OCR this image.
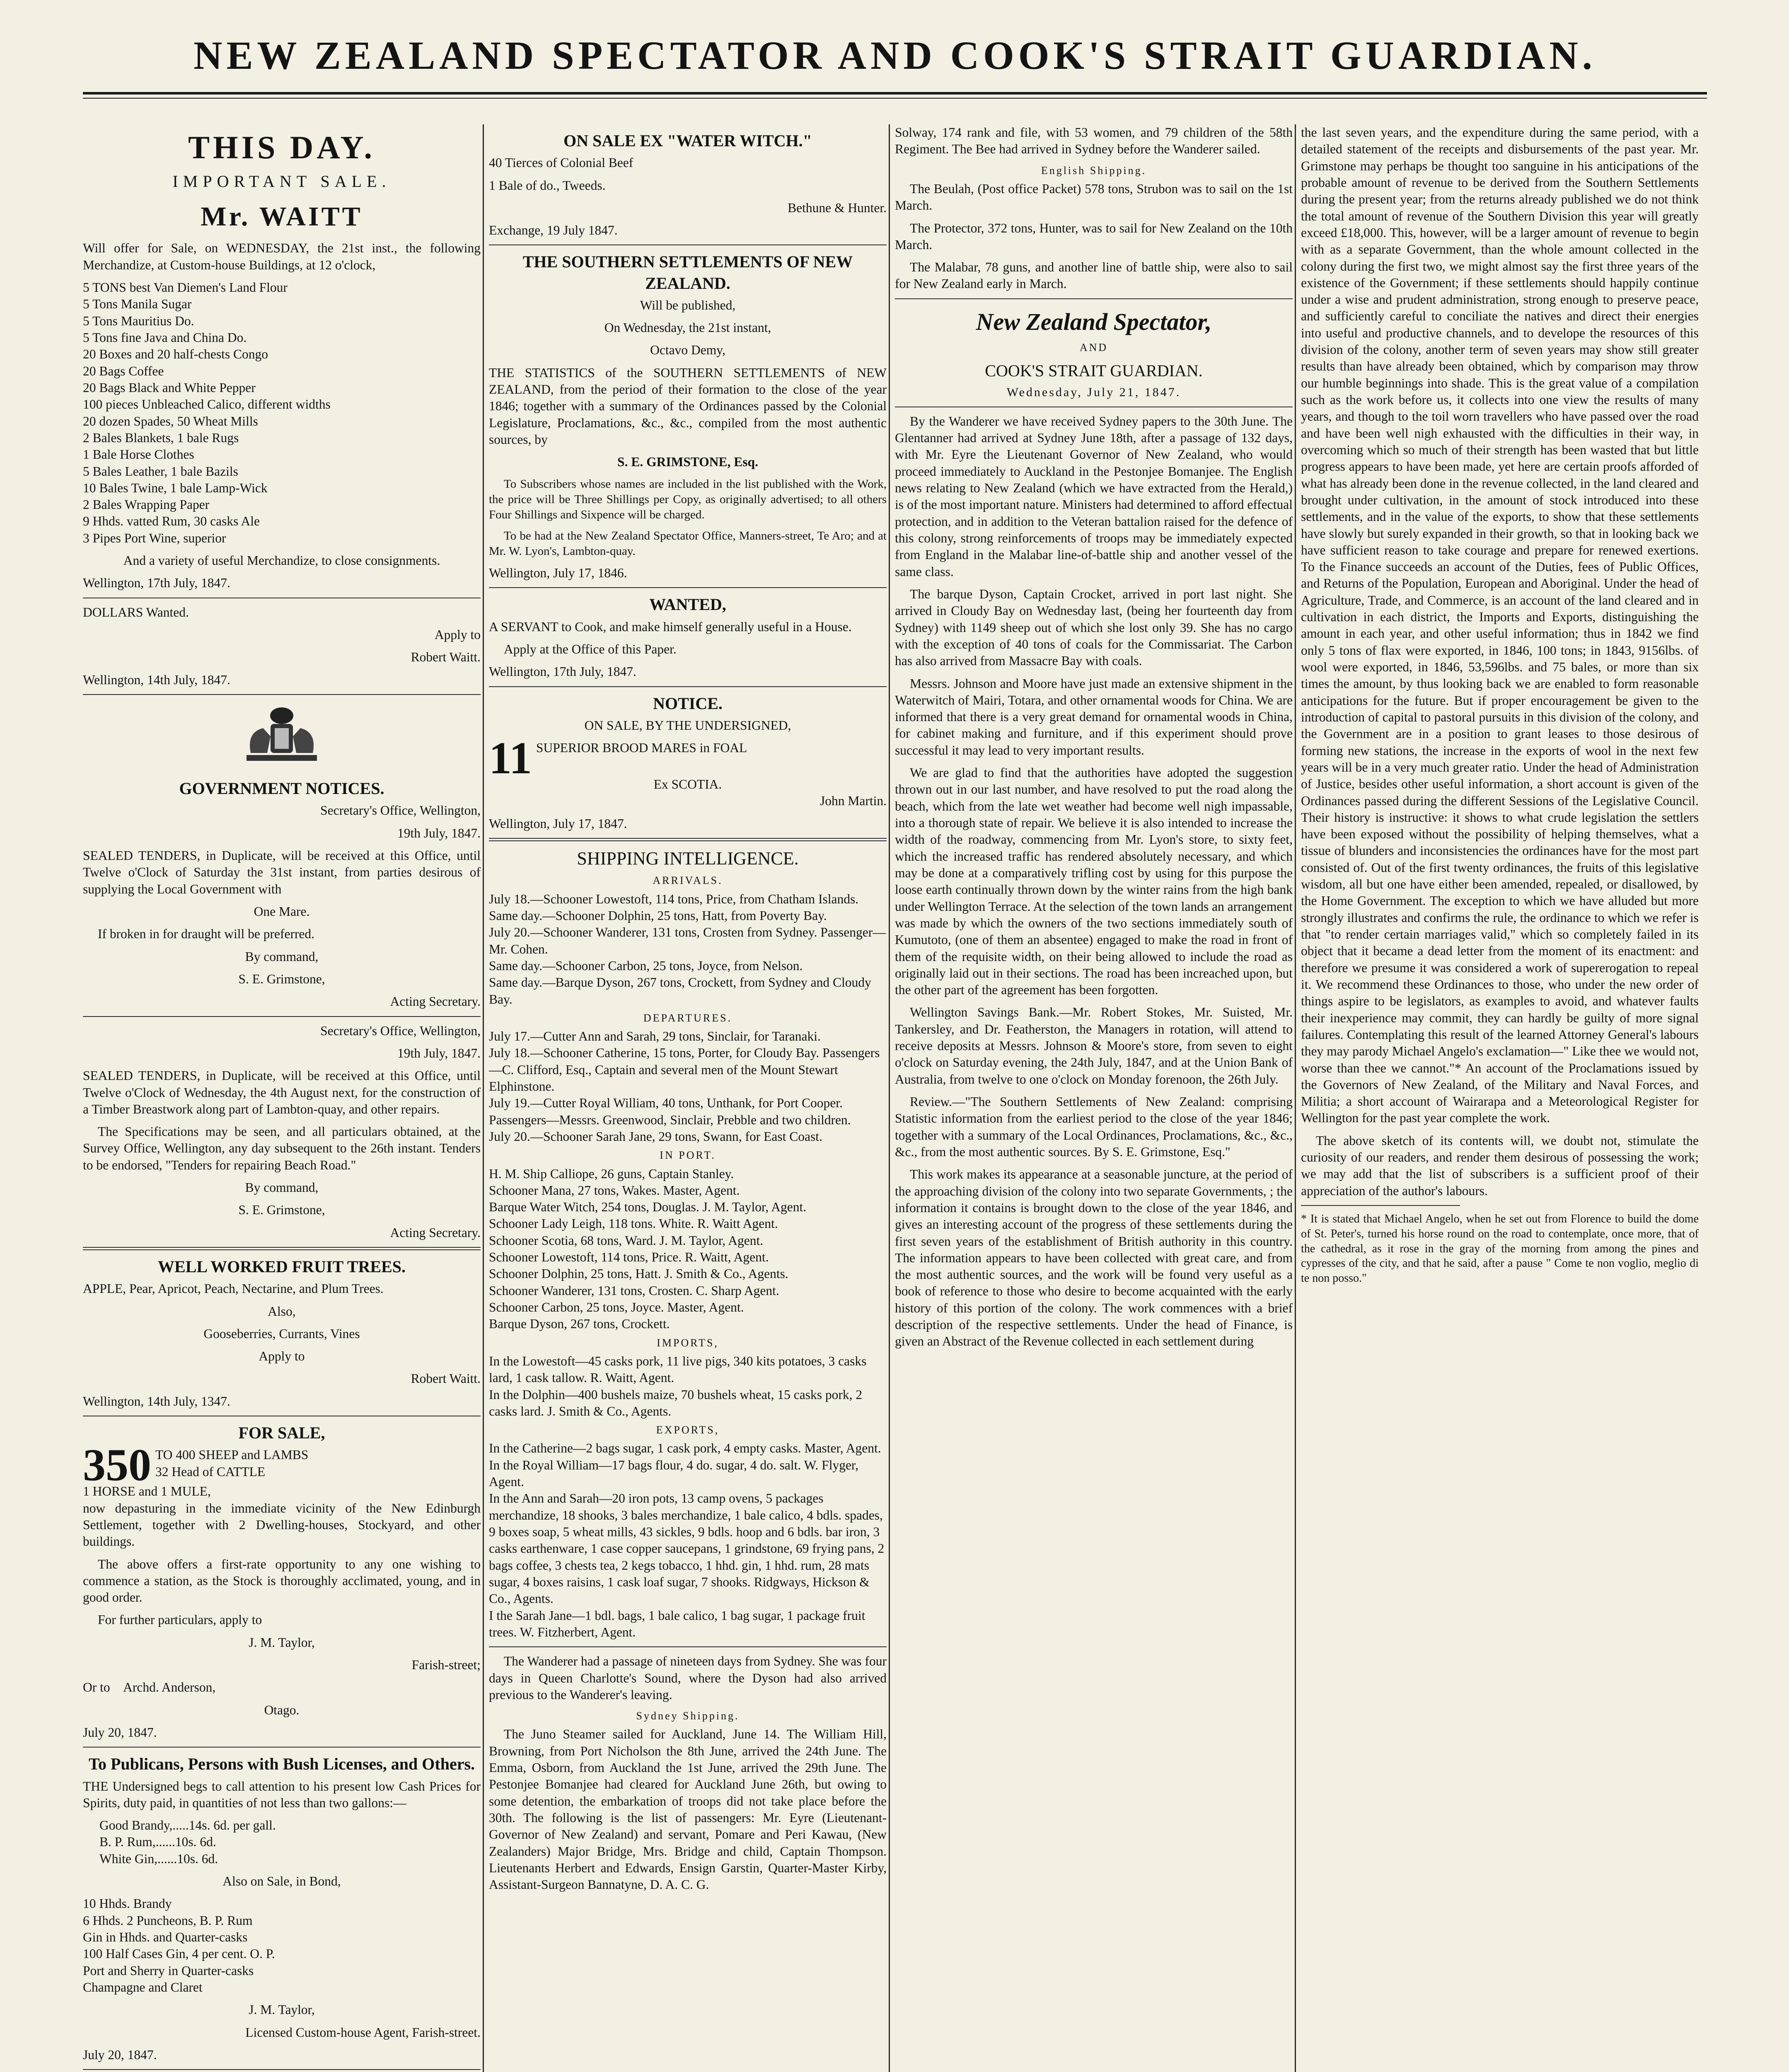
NEW ZEALAND SPECTATOR AND COOK'S STRAIT GUARDIAN.
THIS DAY.
IMPORTANT SALE.
Mr. WAITT

Will offer for Sale, on WEDNESDAY, the 21st inst., the following Merchandize, at Custom-house Buildings, at 12 o'clock,

5 TONS best Van Diemen's Land Flour
5 Tons Manila Sugar
5 Tons Mauritius Do.
5 Tons fine Java and China Do.
20 Boxes and 20 half-chests Congo
20 Bags Coffee
20 Bags Black and White Pepper
100 pieces Unbleached Calico, different widths
20 dozen Spades, 50 Wheat Mills
2 Bales Blankets, 1 bale Rugs
1 Bale Horse Clothes
5 Bales Leather, 1 bale Bazils
10 Bales Twine, 1 bale Lamp-Wick
2 Bales Wrapping Paper
9 Hhds. vatted Rum, 30 casks Ale
3 Pipes Port Wine, superior

And a variety of useful Merchandize, to close consignments.

Wellington, 17th July, 1847.

DOLLARS Wanted.

Apply to

Robert Waitt.

Wellington, 14th July, 1847.

GOVERNMENT NOTICES.

Secretary's Office, Wellington,

19th July, 1847.

SEALED TENDERS, in Duplicate, will be received at this Office, until Twelve o'Clock of Saturday the 31st instant, from parties desirous of supplying the Local Government with

One Mare.

If broken in for draught will be preferred.

By command,

S. E. Grimstone,

Acting Secretary.

Secretary's Office, Wellington,

19th July, 1847.

SEALED TENDERS, in Duplicate, will be received at this Office, until Twelve o'Clock of Wednesday, the 4th August next, for the construction of a Timber Breastwork along part of Lambton-quay, and other repairs.

The Specifications may be seen, and all particulars obtained, at the Survey Office, Wellington, any day subsequent to the 26th instant. Tenders to be endorsed, "Tenders for repairing Beach Road."

By command,

S. E. Grimstone,

Acting Secretary.

WELL WORKED FRUIT TREES.

APPLE, Pear, Apricot, Peach, Nectarine, and Plum Trees.

Also,

Gooseberries, Currants, Vines

Apply to

Robert Waitt.

Wellington, 14th July, 1347.

FOR SALE,
350 TO 400 SHEEP and LAMBS
32 Head of CATTLE
1 HORSE and 1 MULE,

now depasturing in the immediate vicinity of the New Edinburgh Settlement, together with 2 Dwelling-houses, Stockyard, and other buildings.

The above offers a first-rate opportunity to any one wishing to commence a station, as the Stock is thoroughly acclimated, young, and in good order.

For further particulars, apply to

J. M. Taylor,

Farish-street;

Or to Archd. Anderson,

Otago.

July 20, 1847.

To Publicans, Persons with Bush Licenses, and Others.

THE Undersigned begs to call attention to his present low Cash Prices for Spirits, duty paid, in quantities of not less than two gallons:—

Good Brandy,.....14s. 6d. per gall.
B. P. Rum,......10s. 6d.
White Gin,......10s. 6d.

Also on Sale, in Bond,

10 Hhds. Brandy
6 Hhds. 2 Puncheons, B. P. Rum
Gin in Hhds. and Quarter-casks
100 Half Cases Gin, 4 per cent. O. P.
Port and Sherry in Quarter-casks
Champagne and Claret

J. M. Taylor,

Licensed Custom-house Agent, Farish-street.

July 20, 1847.

ON SALE EX "WATER WITCH."

40 Tierces of Colonial Beef

1 Bale of do., Tweeds.

Bethune & Hunter.

Exchange, 19 July 1847.

THE SOUTHERN SETTLEMENTS OF NEW ZEALAND.

Will be published,

On Wednesday, the 21st instant,

Octavo Demy,

THE STATISTICS of the SOUTHERN SETTLEMENTS of NEW ZEALAND, from the period of their formation to the close of the year 1846; together with a summary of the Ordinances passed by the Colonial Legislature, Proclamations, &c., &c., compiled from the most authentic sources, by

S. E. GRIMSTONE, Esq.

To Subscribers whose names are included in the list published with the Work, the price will be Three Shillings per Copy, as originally advertised; to all others Four Shillings and Sixpence will be charged.

To be had at the New Zealand Spectator Office, Manners-street, Te Aro; and at Mr. W. Lyon's, Lambton-quay.

Wellington, July 17, 1846.

WANTED,

A SERVANT to Cook, and make himself generally useful in a House.

Apply at the Office of this Paper.

Wellington, 17th July, 1847.

NOTICE.

ON SALE, BY THE UNDERSIGNED,

11 SUPERIOR BROOD MARES in FOAL
Ex SCOTIA.

John Martin.

Wellington, July 17, 1847.

SHIPPING INTELLIGENCE.
ARRIVALS.
July 18.—Schooner Lowestoft, 114 tons, Price, from Chatham Islands.
Same day.—Schooner Dolphin, 25 tons, Hatt, from Poverty Bay.
July 20.—Schooner Wanderer, 131 tons, Crosten from Sydney. Passenger—Mr. Cohen.
Same day.—Schooner Carbon, 25 tons, Joyce, from Nelson.
Same day.—Barque Dyson, 267 tons, Crockett, from Sydney and Cloudy Bay.
DEPARTURES.
July 17.—Cutter Ann and Sarah, 29 tons, Sinclair, for Taranaki.
July 18.—Schooner Catherine, 15 tons, Porter, for Cloudy Bay. Passengers—C. Clifford, Esq., Captain and several men of the Mount Stewart Elphinstone.
July 19.—Cutter Royal William, 40 tons, Unthank, for Port Cooper. Passengers—Messrs. Greenwood, Sinclair, Prebble and two children.
July 20.—Schooner Sarah Jane, 29 tons, Swann, for East Coast.
IN PORT.
H. M. Ship Calliope, 26 guns, Captain Stanley.
Schooner Mana, 27 tons, Wakes. Master, Agent.
Barque Water Witch, 254 tons, Douglas. J. M. Taylor, Agent.
Schooner Lady Leigh, 118 tons. White. R. Waitt Agent.
Schooner Scotia, 68 tons, Ward. J. M. Taylor, Agent.
Schooner Lowestoft, 114 tons, Price. R. Waitt, Agent.
Schooner Dolphin, 25 tons, Hatt. J. Smith & Co., Agents.
Schooner Wanderer, 131 tons, Crosten. C. Sharp Agent.
Schooner Carbon, 25 tons, Joyce. Master, Agent.
Barque Dyson, 267 tons, Crockett.
IMPORTS,
In the Lowestoft—45 casks pork, 11 live pigs, 340 kits potatoes, 3 casks lard, 1 cask tallow. R. Waitt, Agent.
In the Dolphin—400 bushels maize, 70 bushels wheat, 15 casks pork, 2 casks lard. J. Smith & Co., Agents.
EXPORTS,
In the Catherine—2 bags sugar, 1 cask pork, 4 empty casks. Master, Agent.
In the Royal William—17 bags flour, 4 do. sugar, 4 do. salt. W. Flyger, Agent.
In the Ann and Sarah—20 iron pots, 13 camp ovens, 5 packages merchandize, 18 shooks, 3 bales merchandize, 1 bale calico, 4 bdls. spades, 9 boxes soap, 5 wheat mills, 43 sickles, 9 bdls. hoop and 6 bdls. bar iron, 3 casks earthenware, 1 case copper saucepans, 1 grindstone, 69 frying pans, 2 bags coffee, 3 chests tea, 2 kegs tobacco, 1 hhd. gin, 1 hhd. rum, 28 mats sugar, 4 boxes raisins, 1 cask loaf sugar, 7 shooks. Ridgways, Hickson & Co., Agents.
I the Sarah Jane—1 bdl. bags, 1 bale calico, 1 bag sugar, 1 package fruit trees. W. Fitzherbert, Agent.

The Wanderer had a passage of nineteen days from Sydney. She was four days in Queen Charlotte's Sound, where the Dyson had also arrived previous to the Wanderer's leaving.

Sydney Shipping.

The Juno Steamer sailed for Auckland, June 14. The William Hill, Browning, from Port Nicholson the 8th June, arrived the 24th June. The Emma, Osborn, from Auckland the 1st June, arrived the 29th June. The Pestonjee Bomanjee had cleared for Auckland June 26th, but owing to some detention, the embarkation of troops did not take place before the 30th. The following is the list of passengers: Mr. Eyre (Lieutenant-Governor of New Zealand) and servant, Pomare and Peri Kawau, (New Zealanders) Major Bridge, Mrs. Bridge and child, Captain Thompson. Lieutenants Herbert and Edwards, Ensign Garstin, Quarter-Master Kirby, Assistant-Surgeon Bannatyne, D. A. C. G.

Solway, 174 rank and file, with 53 women, and 79 children of the 58th Regiment. The Bee had arrived in Sydney before the Wanderer sailed.

English Shipping.

The Beulah, (Post office Packet) 578 tons, Strubon was to sail on the 1st March.

The Protector, 372 tons, Hunter, was to sail for New Zealand on the 10th March.

The Malabar, 78 guns, and another line of battle ship, were also to sail for New Zealand early in March.

New Zealand Spectator,
AND
COOK'S STRAIT GUARDIAN.
Wednesday, July 21, 1847.

By the Wanderer we have received Sydney papers to the 30th June. The Glentanner had arrived at Sydney June 18th, after a passage of 132 days, with Mr. Eyre the Lieutenant Governor of New Zealand, who would proceed immediately to Auckland in the Pestonjee Bomanjee. The English news relating to New Zealand (which we have extracted from the Herald,) is of the most important nature. Ministers had determined to afford effectual protection, and in addition to the Veteran battalion raised for the defence of this colony, strong reinforcements of troops may be immediately expected from England in the Malabar line-of-battle ship and another vessel of the same class.

The barque Dyson, Captain Crocket, arrived in port last night. She arrived in Cloudy Bay on Wednesday last, (being her fourteenth day from Sydney) with 1149 sheep out of which she lost only 39. She has no cargo with the exception of 40 tons of coals for the Commissariat. The Carbon has also arrived from Massacre Bay with coals.

Messrs. Johnson and Moore have just made an extensive shipment in the Waterwitch of Mairi, Totara, and other ornamental woods for China. We are informed that there is a very great demand for ornamental woods in China, for cabinet making and furniture, and if this experiment should prove successful it may lead to very important results.

We are glad to find that the authorities have adopted the suggestion thrown out in our last number, and have resolved to put the road along the beach, which from the late wet weather had become well nigh impassable, into a thorough state of repair. We believe it is also intended to increase the width of the roadway, commencing from Mr. Lyon's store, to sixty feet, which the increased traffic has rendered absolutely necessary, and which may be done at a comparatively trifling cost by using for this purpose the loose earth continually thrown down by the winter rains from the high bank under Wellington Terrace. At the selection of the town lands an arrangement was made by which the owners of the two sections immediately south of Kumutoto, (one of them an absentee) engaged to make the road in front of them of the requisite width, on their being allowed to include the road as originally laid out in their sections. The road has been increached upon, but the other part of the agreement has been forgotten.

Wellington Savings Bank.—Mr. Robert Stokes, Mr. Suisted, Mr. Tankersley, and Dr. Featherston, the Managers in rotation, will attend to receive deposits at Messrs. Johnson & Moore's store, from seven to eight o'clock on Saturday evening, the 24th July, 1847, and at the Union Bank of Australia, from twelve to one o'clock on Monday forenoon, the 26th July.

Review.—"The Southern Settlements of New Zealand: comprising Statistic information from the earliest period to the close of the year 1846; together with a summary of the Local Ordinances, Proclamations, &c., &c., &c., from the most authentic sources. By S. E. Grimstone, Esq."

This work makes its appearance at a seasonable juncture, at the period of the approaching division of the colony into two separate Governments, ; the information it contains is brought down to the close of the year 1846, and gives an interesting account of the progress of these settlements during the first seven years of the establishment of British authority in this country. The information appears to have been collected with great care, and from the most authentic sources, and the work will be found very useful as a book of reference to those who desire to become acquainted with the early history of this portion of the colony. The work commences with a brief description of the respective settlements. Under the head of Finance, is given an Abstract of the Revenue collected in each settlement during

the last seven years, and the expenditure during the same period, with a detailed statement of the receipts and disbursements of the past year. Mr. Grimstone may perhaps be thought too sanguine in his anticipations of the probable amount of revenue to be derived from the Southern Settlements during the present year; from the returns already published we do not think the total amount of revenue of the Southern Division this year will greatly exceed £18,000. This, however, will be a larger amount of revenue to begin with as a separate Government, than the whole amount collected in the colony during the first two, we might almost say the first three years of the existence of the Government; if these settlements should happily continue under a wise and prudent administration, strong enough to preserve peace, and sufficiently careful to conciliate the natives and direct their energies into useful and productive channels, and to develope the resources of this division of the colony, another term of seven years may show still greater results than have already been obtained, which by comparison may throw our humble beginnings into shade. This is the great value of a compilation such as the work before us, it collects into one view the results of many years, and though to the toil worn travellers who have passed over the road and have been well nigh exhausted with the difficulties in their way, in overcoming which so much of their strength has been wasted that but little progress appears to have been made, yet here are certain proofs afforded of what has already been done in the revenue collected, in the land cleared and brought under cultivation, in the amount of stock introduced into these settlements, and in the value of the exports, to show that these settlements have slowly but surely expanded in their growth, so that in looking back we have sufficient reason to take courage and prepare for renewed exertions. To the Finance succeeds an account of the Duties, fees of Public Offices, and Returns of the Population, European and Aboriginal. Under the head of Agriculture, Trade, and Commerce, is an account of the land cleared and in cultivation in each district, the Imports and Exports, distinguishing the amount in each year, and other useful information; thus in 1842 we find only 5 tons of flax were exported, in 1846, 100 tons; in 1843, 9156lbs. of wool were exported, in 1846, 53,596lbs. and 75 bales, or more than six times the amount, by thus looking back we are enabled to form reasonable anticipations for the future. But if proper encouragement be given to the introduction of capital to pastoral pursuits in this division of the colony, and the Government are in a position to grant leases to those desirous of forming new stations, the increase in the exports of wool in the next few years will be in a very much greater ratio. Under the head of Administration of Justice, besides other useful information, a short account is given of the Ordinances passed during the different Sessions of the Legislative Council. Their history is instructive: it shows to what crude legislation the settlers have been exposed without the possibility of helping themselves, what a tissue of blunders and inconsistencies the ordinances have for the most part consisted of. Out of the first twenty ordinances, the fruits of this legislative wisdom, all but one have either been amended, repealed, or disallowed, by the Home Government. The exception to which we have alluded but more strongly illustrates and confirms the rule, the ordinance to which we refer is that "to render certain marriages valid," which so completely failed in its object that it became a dead letter from the moment of its enactment: and therefore we presume it was considered a work of supererogation to repeal it. We recommend these Ordinances to those, who under the new order of things aspire to be legislators, as examples to avoid, and whatever faults their inexperience may commit, they can hardly be guilty of more signal failures. Contemplating this result of the learned Attorney General's labours they may parody Michael Angelo's exclamation—" Like thee we would not, worse than thee we cannot."* An account of the Proclamations issued by the Governors of New Zealand, of the Military and Naval Forces, and Militia; a short account of Wairarapa and a Meteorological Register for Wellington for the past year complete the work.

The above sketch of its contents will, we doubt not, stimulate the curiosity of our readers, and render them desirous of possessing the work; we may add that the list of subscribers is a sufficient proof of their appreciation of the author's labours.

* It is stated that Michael Angelo, when he set out from Florence to build the dome of St. Peter's, turned his horse round on the road to contemplate, once more, that of the cathedral, as it rose in the gray of the morning from among the pines and cypresses of the city, and that he said, after a pause " Come te non voglio, meglio di te non posso."
